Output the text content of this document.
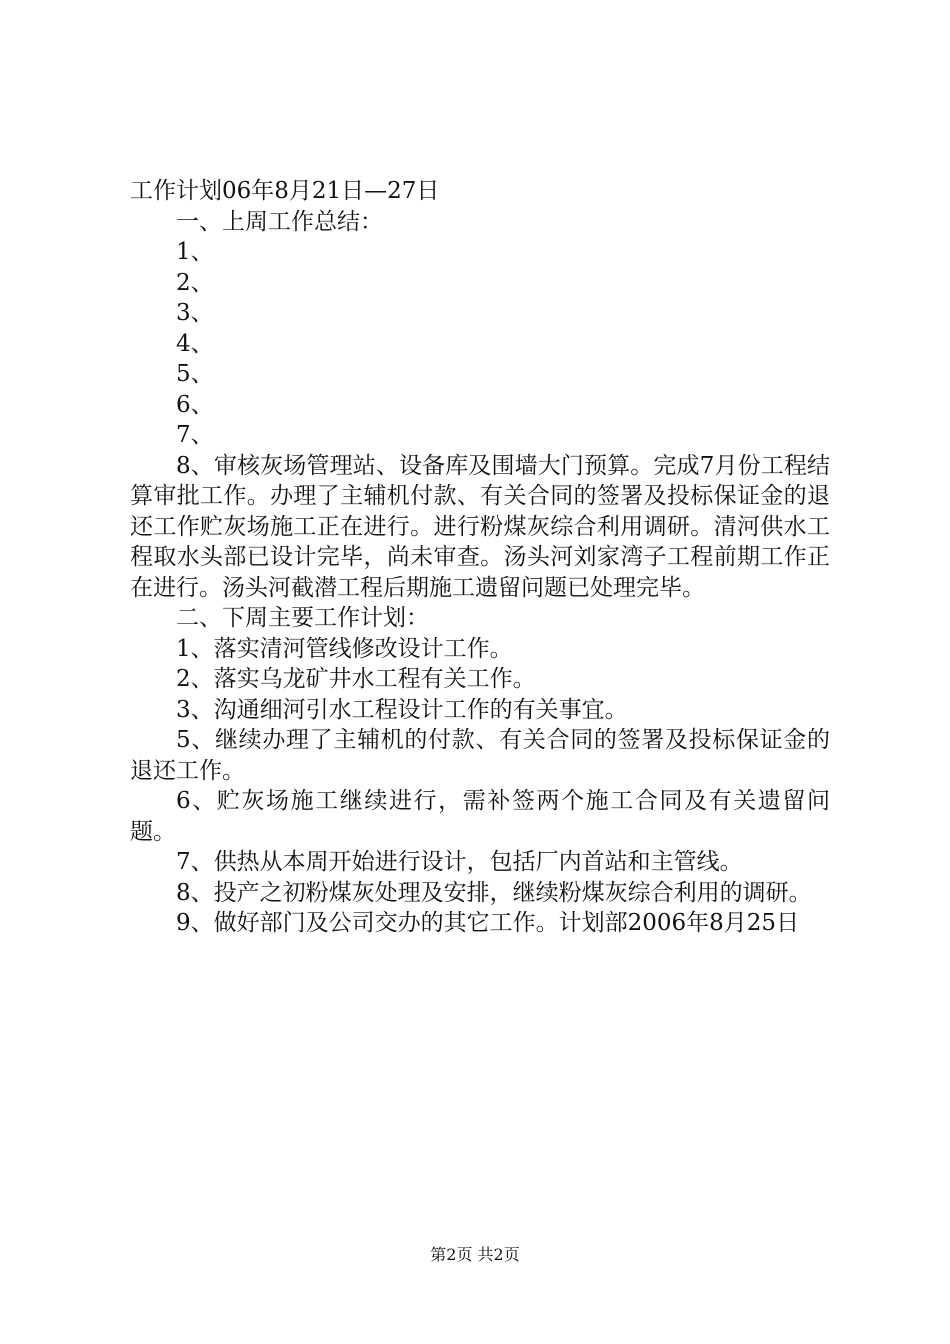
工作计划06年8月21日—27日

一、上周工作总结：

1、

2、

3、

4、

5、

6、

7、

8、审核灰场管理站、设备库及围墙大门预算。完成7月份工程结算审批工作。办理了主辅机付款、有关合同的签署及投标保证金的退还工作贮灰场施工正在进行。进行粉煤灰综合利用调研。清河供水工程取水头部已设计完毕，尚未审查。汤头河刘家湾子工程前期工作正在进行。汤头河截潜工程后期施工遗留问题已处理完毕。

二、下周主要工作计划：

1、落实清河管线修改设计工作。

2、落实乌龙矿井水工程有关工作。

3、沟通细河引水工程设计工作的有关事宜。

5、继续办理了主辅机的付款、有关合同的签署及投标保证金的退还工作。

6、贮灰场施工继续进行，需补签两个施工合同及有关遗留问题。

7、供热从本周开始进行设计，包括厂内首站和主管线。

8、投产之初粉煤灰处理及安排，继续粉煤灰综合利用的调研。

9、做好部门及公司交办的其它工作。计划部2006年8月25日

第2页 共2页
